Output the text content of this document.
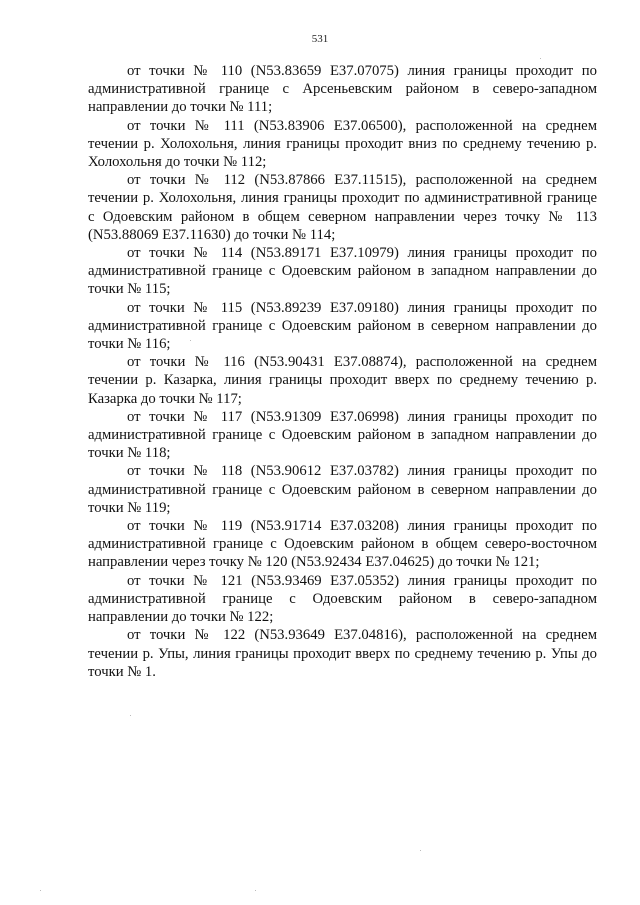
531

от точки № 110 (N53.83659 E37.07075) линия границы проходит по административной границе с Арсеньевским районом в северо-западном направлении до точки № 111;

от точки № 111 (N53.83906 E37.06500), расположенной на среднем течении р. Холохольня, линия границы проходит вниз по среднему течению р. Холохольня до точки № 112;

от точки № 112 (N53.87866 E37.11515), расположенной на среднем течении р. Холохольня, линия границы проходит по административной границе с Одоевским районом в общем северном направлении через точку № 113 (N53.88069 E37.11630) до точки № 114;

от точки № 114 (N53.89171 E37.10979) линия границы проходит по административной границе с Одоевским районом в западном направлении до точки № 115;

от точки № 115 (N53.89239 E37.09180) линия границы проходит по административной границе с Одоевским районом в северном направлении до точки № 116;

от точки № 116 (N53.90431 E37.08874), расположенной на среднем течении р. Казарка, линия границы проходит вверх по среднему течению р. Казарка до точки № 117;

от точки № 117 (N53.91309 E37.06998) линия границы проходит по административной границе с Одоевским районом в западном направлении до точки № 118;

от точки № 118 (N53.90612 E37.03782) линия границы проходит по административной границе с Одоевским районом в северном направлении до точки № 119;

от точки № 119 (N53.91714 E37.03208) линия границы проходит по административной границе с Одоевским районом в общем северо-восточном направлении через точку № 120 (N53.92434 E37.04625) до точки № 121;

от точки № 121 (N53.93469 E37.05352) линия границы проходит по административной границе с Одоевским районом в северо-западном направлении до точки № 122;

от точки № 122 (N53.93649 E37.04816), расположенной на среднем течении р. Упы, линия границы проходит вверх по среднему течению р. Упы до точки № 1.
